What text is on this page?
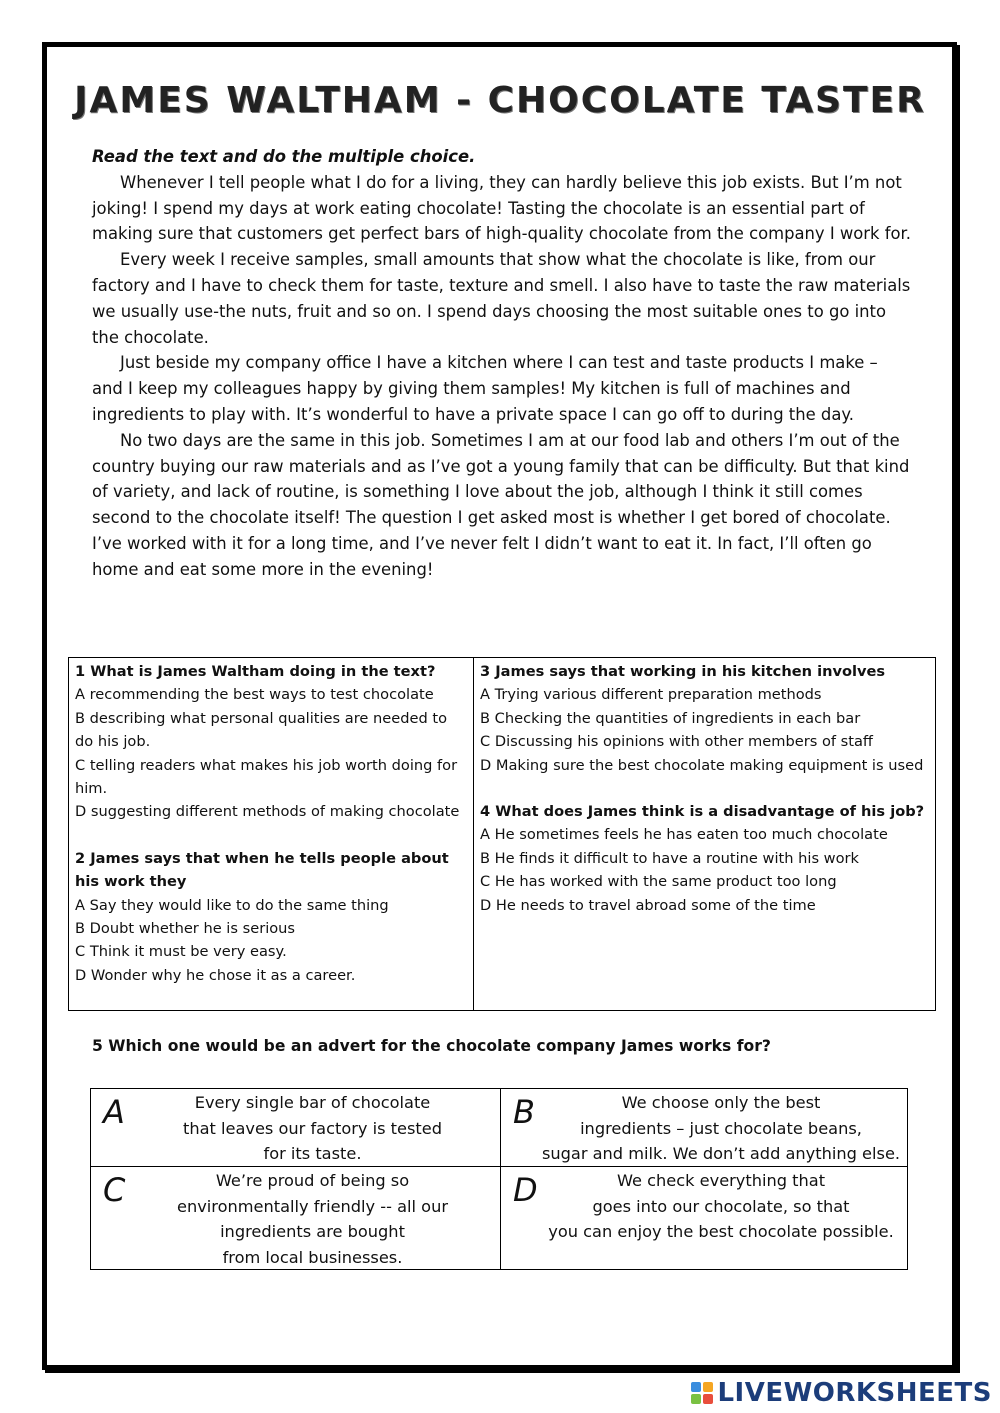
JAMES WALTHAM - CHOCOLATE TASTER

Read the text and do the multiple choice.

Whenever I tell people what I do for a living, they can hardly believe this job exists. But I’m not joking! I spend my days at work eating chocolate! Tasting the chocolate is an essential part of making sure that customers get perfect bars of high-quality chocolate from the company I work for.

Every week I receive samples, small amounts that show what the chocolate is like, from our factory and I have to check them for taste, texture and smell. I also have to taste the raw materials we usually use-the nuts, fruit and so on. I spend days choosing the most suitable ones to go into the chocolate.

Just beside my company office I have a kitchen where I can test and taste products I make – and I keep my colleagues happy by giving them samples! My kitchen is full of machines and ingredients to play with. It’s wonderful to have a private space I can go off to during the day.

No two days are the same in this job. Sometimes I am at our food lab and others I’m out of the country buying our raw materials and as I’ve got a young family that can be difficulty. But that kind of variety, and lack of routine, is something I love about the job, although I think it still comes second to the chocolate itself! The question I get asked most is whether I get bored of chocolate. I’ve worked with it for a long time, and I’ve never felt I didn’t want to eat it. In fact, I’ll often go home and eat some more in the evening!

1 What is James Waltham doing in the text?

A recommending the best ways to test chocolate

B describing what personal qualities are needed to do his job.

C telling readers what makes his job worth doing for him.

D suggesting different methods of making chocolate

2 James says that when he tells people about his work they

A Say they would like to do the same thing

B Doubt whether he is serious

C Think it must be very easy.

D Wonder why he chose it as a career.

3 James says that working in his kitchen involves

A Trying various different preparation methods

B Checking the quantities of ingredients in each bar

C Discussing his opinions with other members of staff

D Making sure the best chocolate making equipment is used

4 What does James think is a disadvantage of his job?

A He sometimes feels he has eaten too much chocolate

B He finds it difficult to have a routine with his work

C He has worked with the same product too long

D He needs to travel abroad some of the time

5 Which one would be an advert for the chocolate company James works for?
A	Every single bar of chocolate
that leaves our factory is tested
for its taste.
B	We choose only the best
ingredients – just chocolate beans,
sugar and milk. We don’t add anything else.
C	We’re proud of being so
environmentally friendly -- all our
ingredients are bought
from local businesses.
D	We check everything that
goes into our chocolate, so that
you can enjoy the best chocolate possible.
LIVEWORKSHEETS
